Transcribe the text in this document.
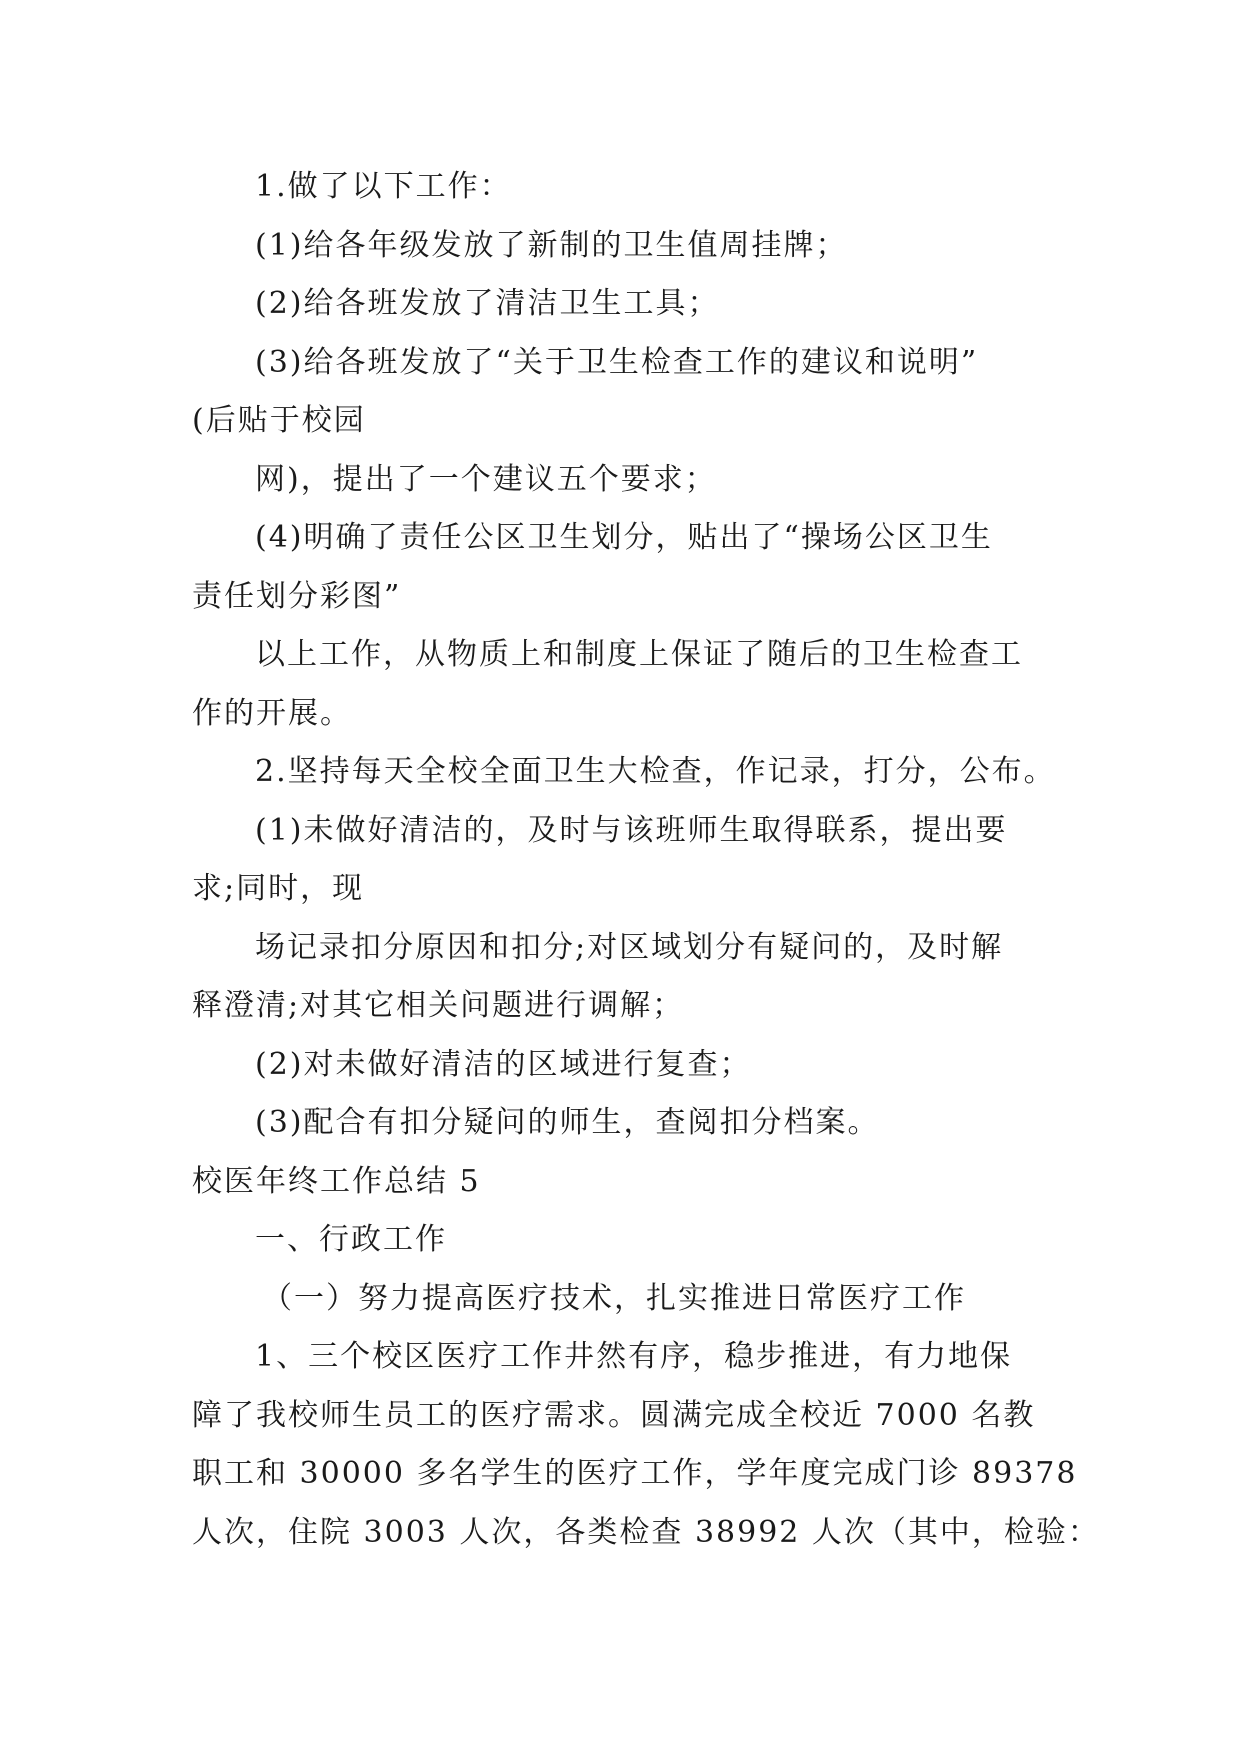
1.做了以下工作：

(1)给各年级发放了新制的卫生值周挂牌；

(2)给各班发放了清洁卫生工具；

(3)给各班发放了“关于卫生检查工作的建议和说明”

(后贴于校园

网)，提出了一个建议五个要求；

(4)明确了责任公区卫生划分，贴出了“操场公区卫生

责任划分彩图”

以上工作，从物质上和制度上保证了随后的卫生检查工

作的开展。

2.坚持每天全校全面卫生大检查，作记录，打分，公布。

(1)未做好清洁的，及时与该班师生取得联系，提出要

求;同时，现

场记录扣分原因和扣分;对区域划分有疑问的，及时解

释澄清;对其它相关问题进行调解；

(2)对未做好清洁的区域进行复查；

(3)配合有扣分疑问的师生，查阅扣分档案。

校医年终工作总结 5

一、行政工作

（一）努力提高医疗技术，扎实推进日常医疗工作

1、三个校区医疗工作井然有序，稳步推进，有力地保

障了我校师生员工的医疗需求。圆满完成全校近 7000 名教

职工和 30000 多名学生的医疗工作，学年度完成门诊 89378

人次，住院 3003 人次，各类检查 38992 人次（其中，检验：
